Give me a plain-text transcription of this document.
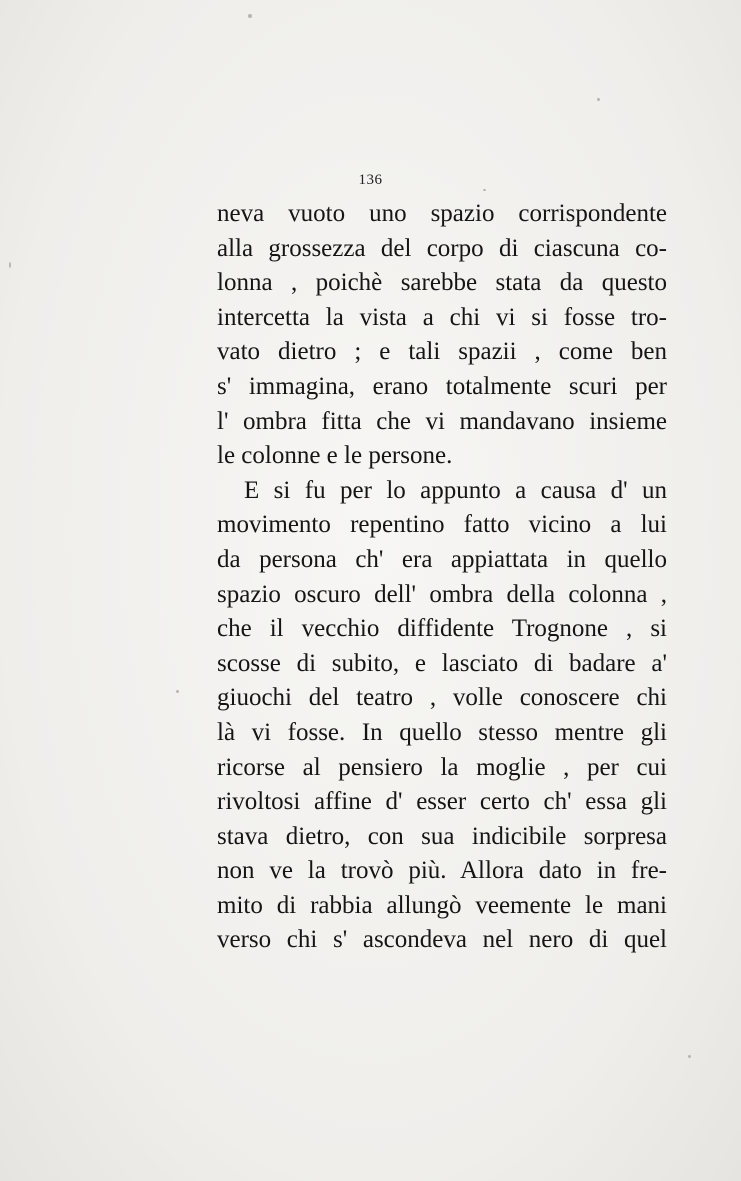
136
neva vuoto uno spazio corrispondente
alla grossezza del corpo di ciascuna co-
lonna , poichè sarebbe stata da questo
intercetta la vista a chi vi si fosse tro-
vato dietro ; e tali spazii , come ben
s' immagina, erano totalmente scuri per
l' ombra fitta che vi mandavano insieme
le colonne e le persone.
E si fu per lo appunto a causa d' un
movimento repentino fatto vicino a lui
da persona ch' era appiattata in quello
spazio oscuro dell' ombra della colonna ,
che il vecchio diffidente Trognone , si
scosse di subito, e lasciato di badare a'
giuochi del teatro , volle conoscere chi
là vi fosse. In quello stesso mentre gli
ricorse al pensiero la moglie , per cui
rivoltosi affine d' esser certo ch' essa gli
stava dietro, con sua indicibile sorpresa
non ve la trovò più. Allora dato in fre-
mito di rabbia allungò veemente le mani
verso chi s' ascondeva nel nero di quel
